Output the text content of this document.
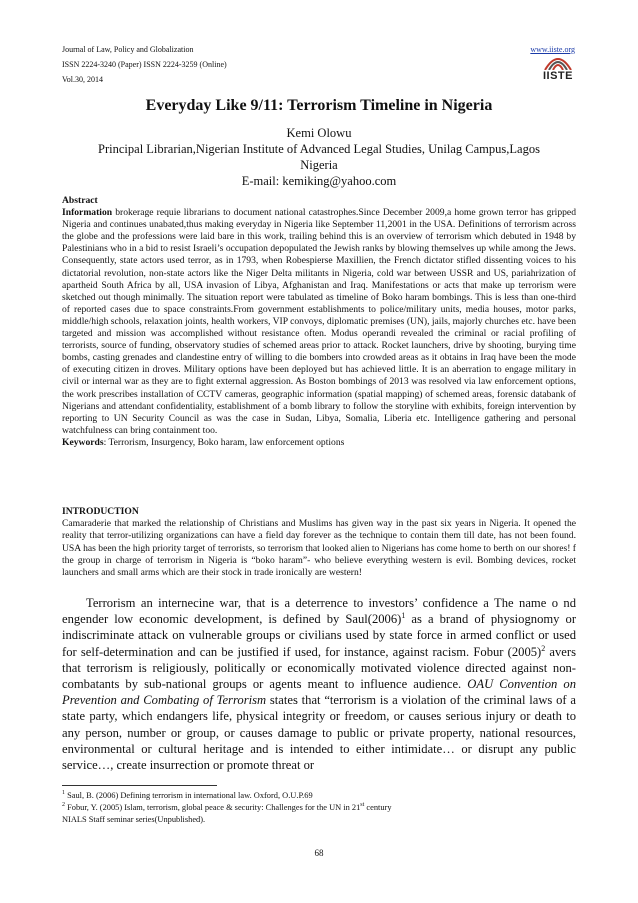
Journal of Law, Policy and Globalization	www.iiste.org
ISSN 2224-3240 (Paper) ISSN 2224-3259 (Online)
Vol.30, 2014	IISTE
Everyday Like 9/11: Terrorism Timeline in Nigeria
Kemi Olowu
Principal Librarian,Nigerian Institute of Advanced Legal Studies, Unilag Campus,Lagos
Nigeria
E-mail: kemiking@yahoo.com
Abstract

Information brokerage requie librarians to document national catastrophes.Since December 2009,a home grown terror has gripped Nigeria and continues unabated,thus making everyday in Nigeria like September 11,2001 in the USA. Definitions of terrorism across the globe and the professions were laid bare in this work, trailing behind this is an overview of terrorism which debuted in 1948 by Palestinians who in a bid to resist Israeli’s occupation depopulated the Jewish ranks by blowing themselves up while among the Jews. Consequently, state actors used terror, as in 1793, when Robespiersе Maxillien, the French dictator stifled dissenting voices to his dictatorial revolution, non-state actors like the Niger Delta militants in Nigeria, cold war between USSR and US, pariahrization of apartheid South Africa by all, USA invasion of Libya, Afghanistan and Iraq. Manifestations or acts that make up terrorism were sketched out though minimally. The situation report were tabulated as timeline of Boko haram bombings. This is less than one-third of reported cases due to space constraints.From government establishments to police/military units, media houses, motor parks, middle/high schools, relaxation joints, health workers, VIP convoys, diplomatic premises (UN), jails, majorly churches etc. have been targeted and mission was accomplished without resistance often. Modus operandi revealed the criminal or racial profiling of terrorists, source of funding, observatory studies of schemed areas prior to attack. Rocket launchers, drive by shooting, burying time bombs, casting grenades and clandestine entry of willing to die bombers into crowded areas as it obtains in Iraq have been the mode of executing citizen in droves. Military options have been deployed but has achieved little. It is an aberration to engage military in civil or internal war as they are to fight external aggression. As Boston bombings of 2013 was resolved via law enforcement options, the work prescribes installation of CCTV cameras, geographic information (spatial mapping) of schemed areas, forensic databank of Nigerians and attendant confidentiality, establishment of a bomb library to follow the storyline with exhibits, foreign intervention by reporting to UN Security Council as was the case in Sudan, Libya, Somalia, Liberia etc. Intelligence gathering and personal watchfulness can bring containment too.

Keywords: Terrorism, Insurgency, Boko haram, law enforcement options

INTRODUCTION

Camaraderie that marked the relationship of Christians and Muslims has given way in the past six years in Nigeria. It opened the reality that terror-utilizing organizations can have a field day forever as the technique to contain them till date, has not been found. USA has been the high priority target of terrorists, so terrorism that looked alien to Nigerians has come home to berth on our shores! f the group in charge of terrorism in Nigeria is “boko haram”- who believe everything western is evil. Bombing devices, rocket launchers and small arms which are their stock in trade ironically are western!

Terrorism an internecine war, that is a deterrence to investors’ confidence a The name o nd engender low economic development, is defined by $Saul(2006)^1$ as a brand of physiognomy or indiscriminate attack on vulnerable groups or civilians used by state force in armed conflict or used for self-determination and can be justified if used, for instance, against racism. Fobur $(2005)^2$ avers that terrorism is religiously, politically or economically motivated violence directed against non-combatants by sub-national groups or agents meant to influence audience. OAU Convention on Prevention and Combating of Terrorism states that “terrorism is a violation of the criminal laws of a state party, which endangers life, physical integrity or freedom, or causes serious injury or death to any person, number or group, or causes damage to public or private property, national resources, environmental or cultural heritage and is intended to either intimidate… or disrupt any public service…, create insurrection or promote threat or

$^1$ Saul, B. (2006) Defining terrorism in international law. Oxford, O.U.P.69
$^2$ Fobur, Y. (2005) Islam, terrorism, global peace & security: Challenges for the UN in 21st century
NIALS Staff seminar series(Unpublished).
68
